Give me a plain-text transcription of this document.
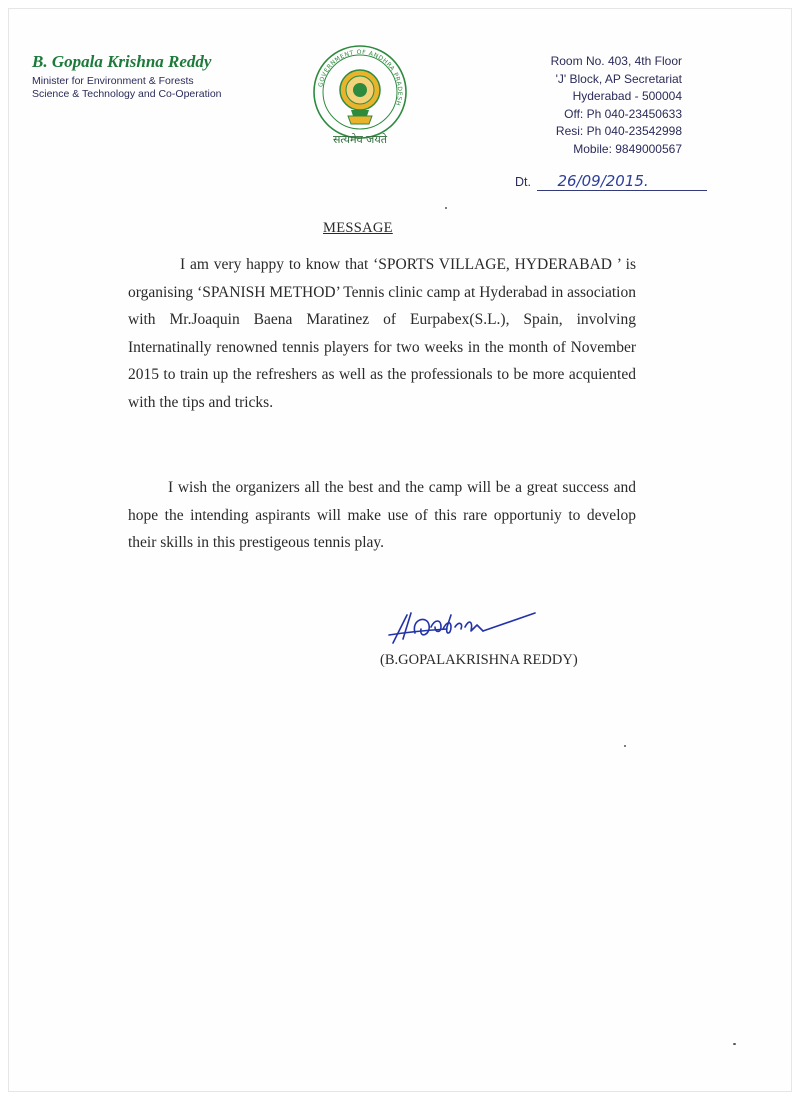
B. Gopala Krishna Reddy
Minister for Environment & Forests
Science & Technology and Co-Operation
GOVERNMENT OF ANDHRA PRADESH
सत्यमेव जयते
Room No. 403, 4th Floor
'J' Block, AP Secretariat
Hyderabad - 500004
Off: Ph 040-23450633
Resi: Ph 040-23542998
Mobile: 9849000567
Dt. 26/09/2015.
MESSAGE
I am very happy to know that ‘SPORTS VILLAGE, HYDERABAD ’ is organising ‘SPANISH METHOD’ Tennis clinic camp at Hyderabad in association with Mr.Joaquin Baena Maratinez of Eurpabex(S.L.), Spain, involving Internatinally renowned tennis players for two weeks in the month of November 2015 to train up the refreshers as well as the professionals to be more acquiented with the tips and tricks.
I wish the organizers all the best and the camp will be a great success and hope the intending aspirants will make use of this rare opportuniy to develop their skills in this prestigeous tennis play.
(B.GOPALAKRISHNA REDDY)
